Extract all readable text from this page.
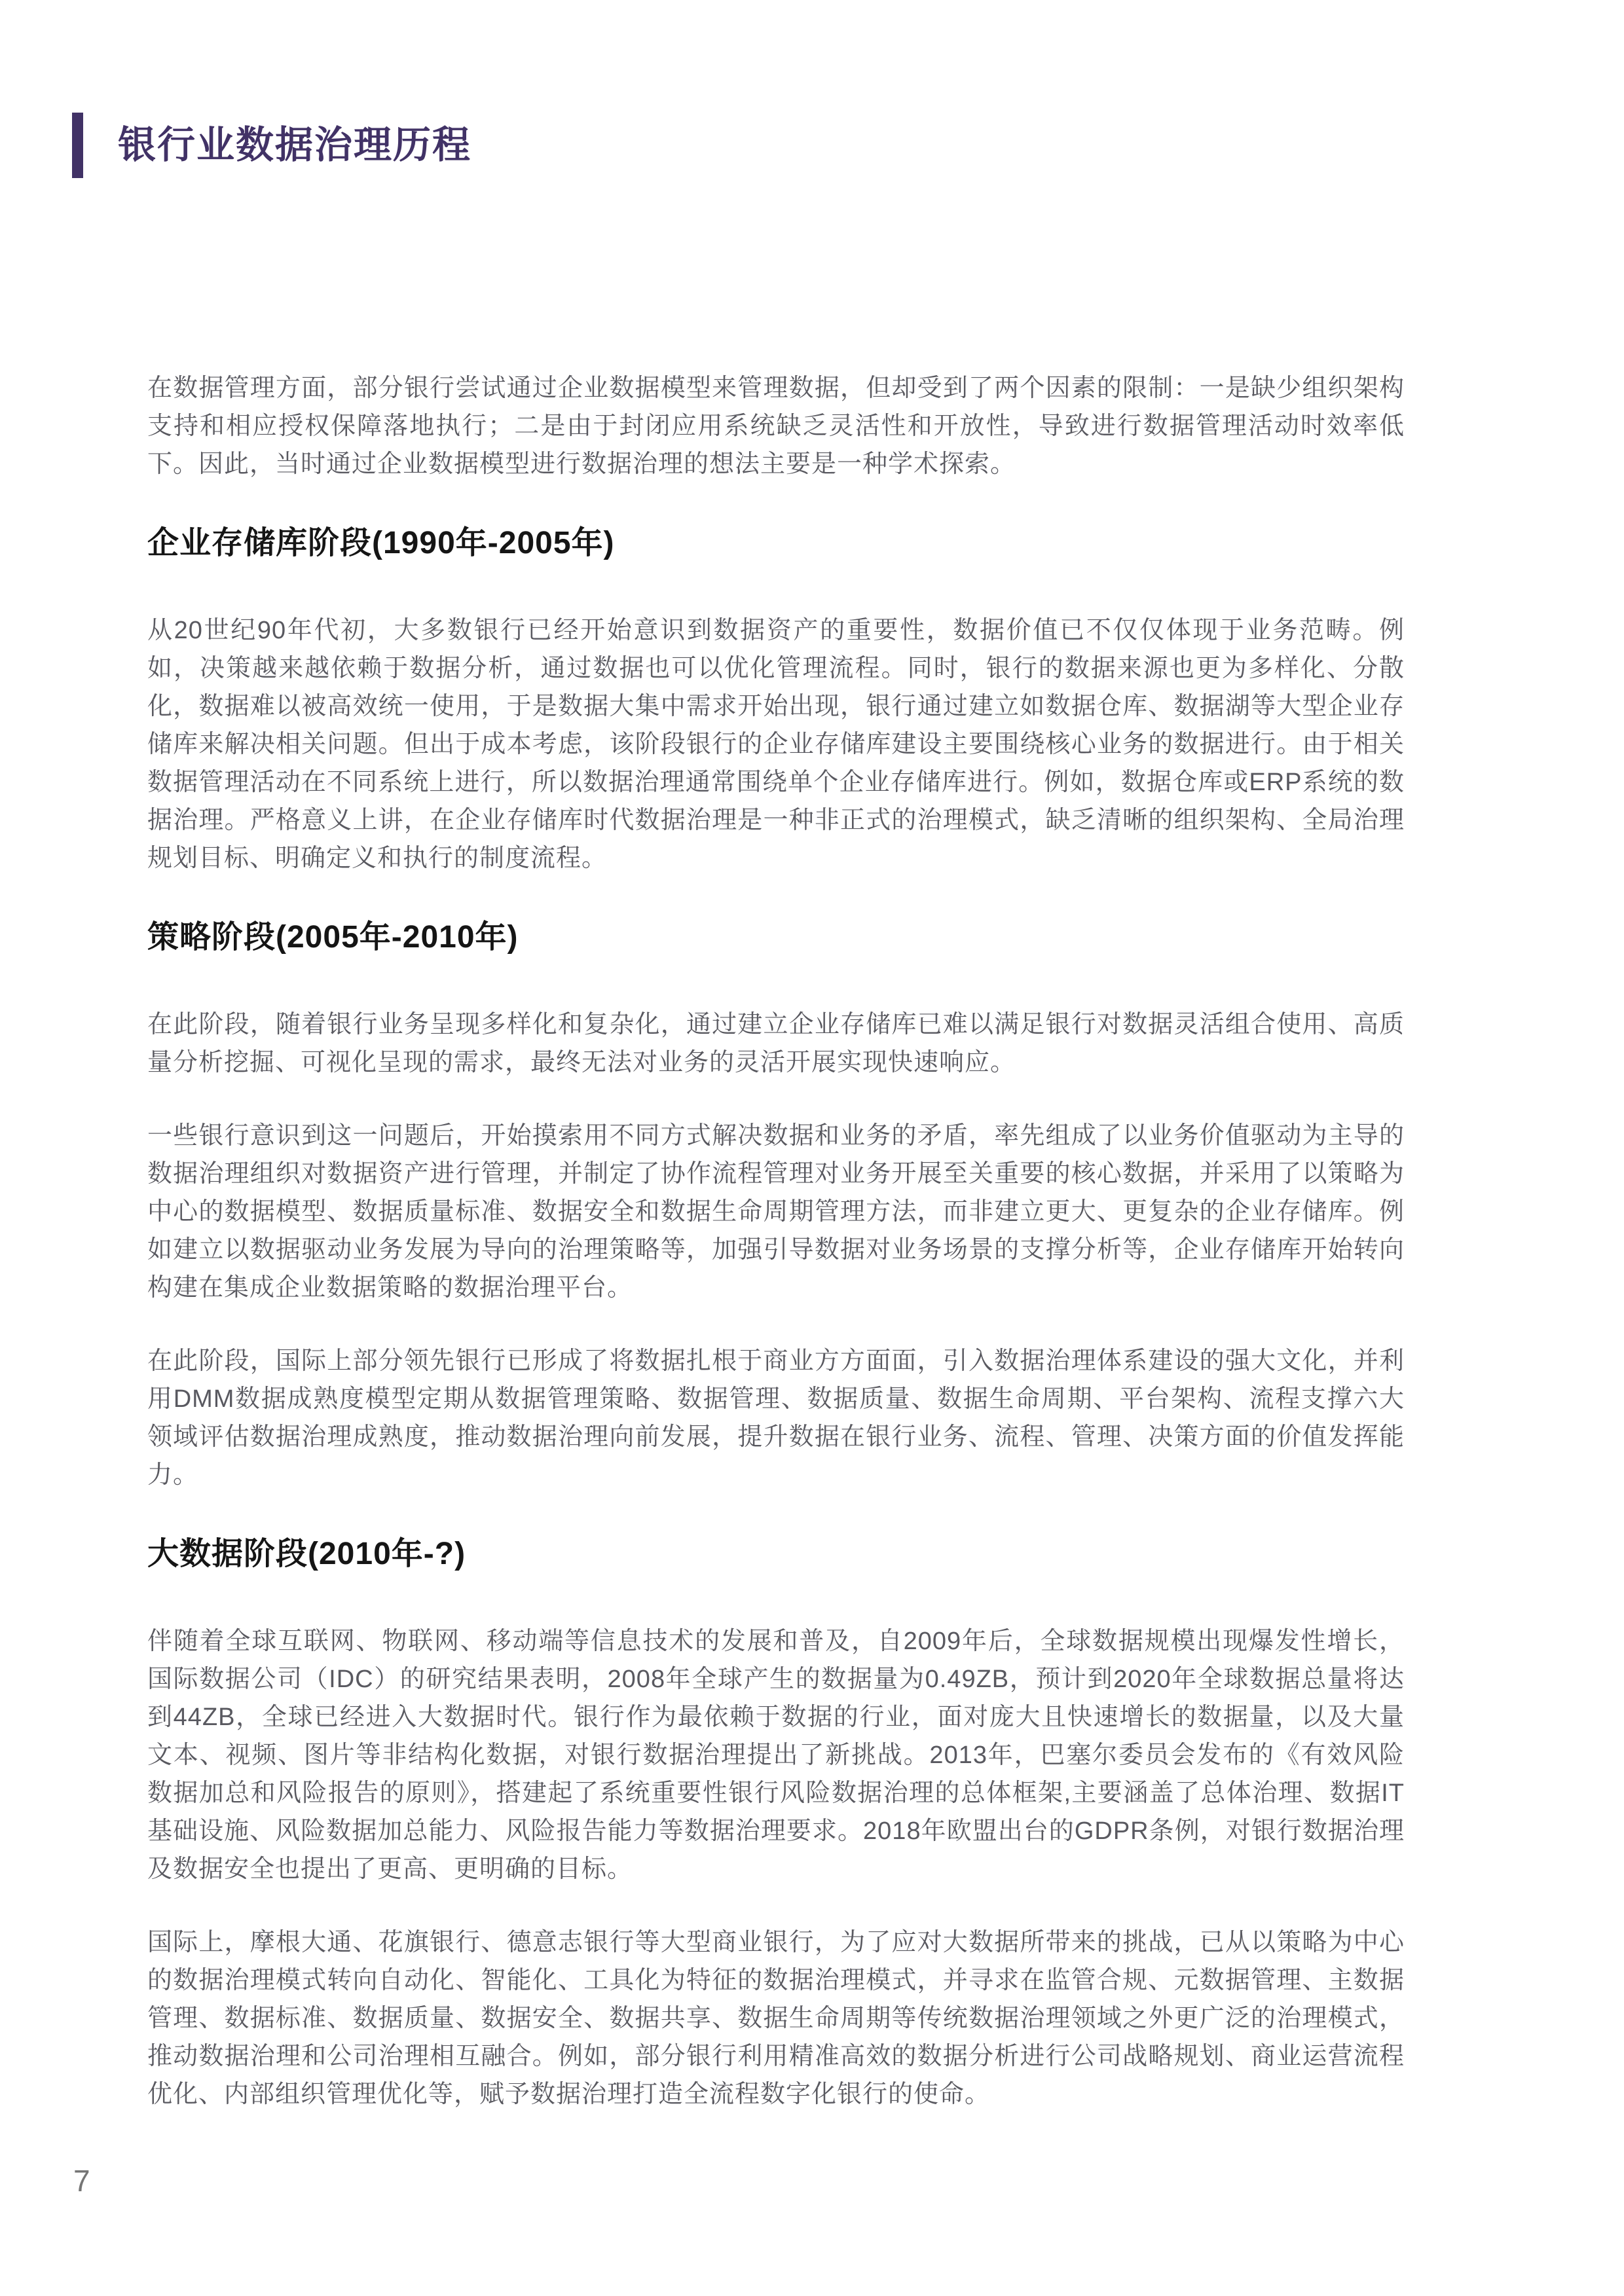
银行业数据治理历程

在数据管理方面，部分银行尝试通过企业数据模型来管理数据，但却受到了两个因素的限制：一是缺少组织架构支持和相应授权保障落地执行；二是由于封闭应用系统缺乏灵活性和开放性，导致进行数据管理活动时效率低下。因此，当时通过企业数据模型进行数据治理的想法主要是一种学术探索。

企业存储库阶段(1990年-2005年)

从20世纪90年代初，大多数银行已经开始意识到数据资产的重要性，数据价值已不仅仅体现于业务范畴。例如，决策越来越依赖于数据分析，通过数据也可以优化管理流程。同时，银行的数据来源也更为多样化、分散化，数据难以被高效统一使用，于是数据大集中需求开始出现，银行通过建立如数据仓库、数据湖等大型企业存储库来解决相关问题。但出于成本考虑，该阶段银行的企业存储库建设主要围绕核心业务的数据进行。由于相关数据管理活动在不同系统上进行，所以数据治理通常围绕单个企业存储库进行。例如，数据仓库或ERP系统的数据治理。严格意义上讲，在企业存储库时代数据治理是一种非正式的治理模式，缺乏清晰的组织架构、全局治理规划目标、明确定义和执行的制度流程。

策略阶段(2005年-2010年)

在此阶段，随着银行业务呈现多样化和复杂化，通过建立企业存储库已难以满足银行对数据灵活组合使用、高质量分析挖掘、可视化呈现的需求，最终无法对业务的灵活开展实现快速响应。

一些银行意识到这一问题后，开始摸索用不同方式解决数据和业务的矛盾，率先组成了以业务价值驱动为主导的数据治理组织对数据资产进行管理，并制定了协作流程管理对业务开展至关重要的核心数据，并采用了以策略为中心的数据模型、数据质量标准、数据安全和数据生命周期管理方法，而非建立更大、更复杂的企业存储库。例如建立以数据驱动业务发展为导向的治理策略等，加强引导数据对业务场景的支撑分析等，企业存储库开始转向构建在集成企业数据策略的数据治理平台。

在此阶段，国际上部分领先银行已形成了将数据扎根于商业方方面面，引入数据治理体系建设的强大文化，并利用DMM数据成熟度模型定期从数据管理策略、数据管理、数据质量、数据生命周期、平台架构、流程支撑六大领域评估数据治理成熟度，推动数据治理向前发展，提升数据在银行业务、流程、管理、决策方面的价值发挥能力。

大数据阶段(2010年-?)

伴随着全球互联网、物联网、移动端等信息技术的发展和普及，自2009年后，全球数据规模出现爆发性增长，国际数据公司（IDC）的研究结果表明，2008年全球产生的数据量为0.49ZB，预计到2020年全球数据总量将达到44ZB，全球已经进入大数据时代。银行作为最依赖于数据的行业，面对庞大且快速增长的数据量，以及大量文本、视频、图片等非结构化数据，对银行数据治理提出了新挑战。2013年，巴塞尔委员会发布的《有效风险数据加总和风险报告的原则》，搭建起了系统重要性银行风险数据治理的总体框架,主要涵盖了总体治理、数据IT基础设施、风险数据加总能力、风险报告能力等数据治理要求。2018年欧盟出台的GDPR条例，对银行数据治理及数据安全也提出了更高、更明确的目标。

国际上，摩根大通、花旗银行、德意志银行等大型商业银行，为了应对大数据所带来的挑战，已从以策略为中心的数据治理模式转向自动化、智能化、工具化为特征的数据治理模式，并寻求在监管合规、元数据管理、主数据管理、数据标准、数据质量、数据安全、数据共享、数据生命周期等传统数据治理领域之外更广泛的治理模式，推动数据治理和公司治理相互融合。例如，部分银行利用精准高效的数据分析进行公司战略规划、商业运营流程优化、内部组织管理优化等，赋予数据治理打造全流程数字化银行的使命。

7
